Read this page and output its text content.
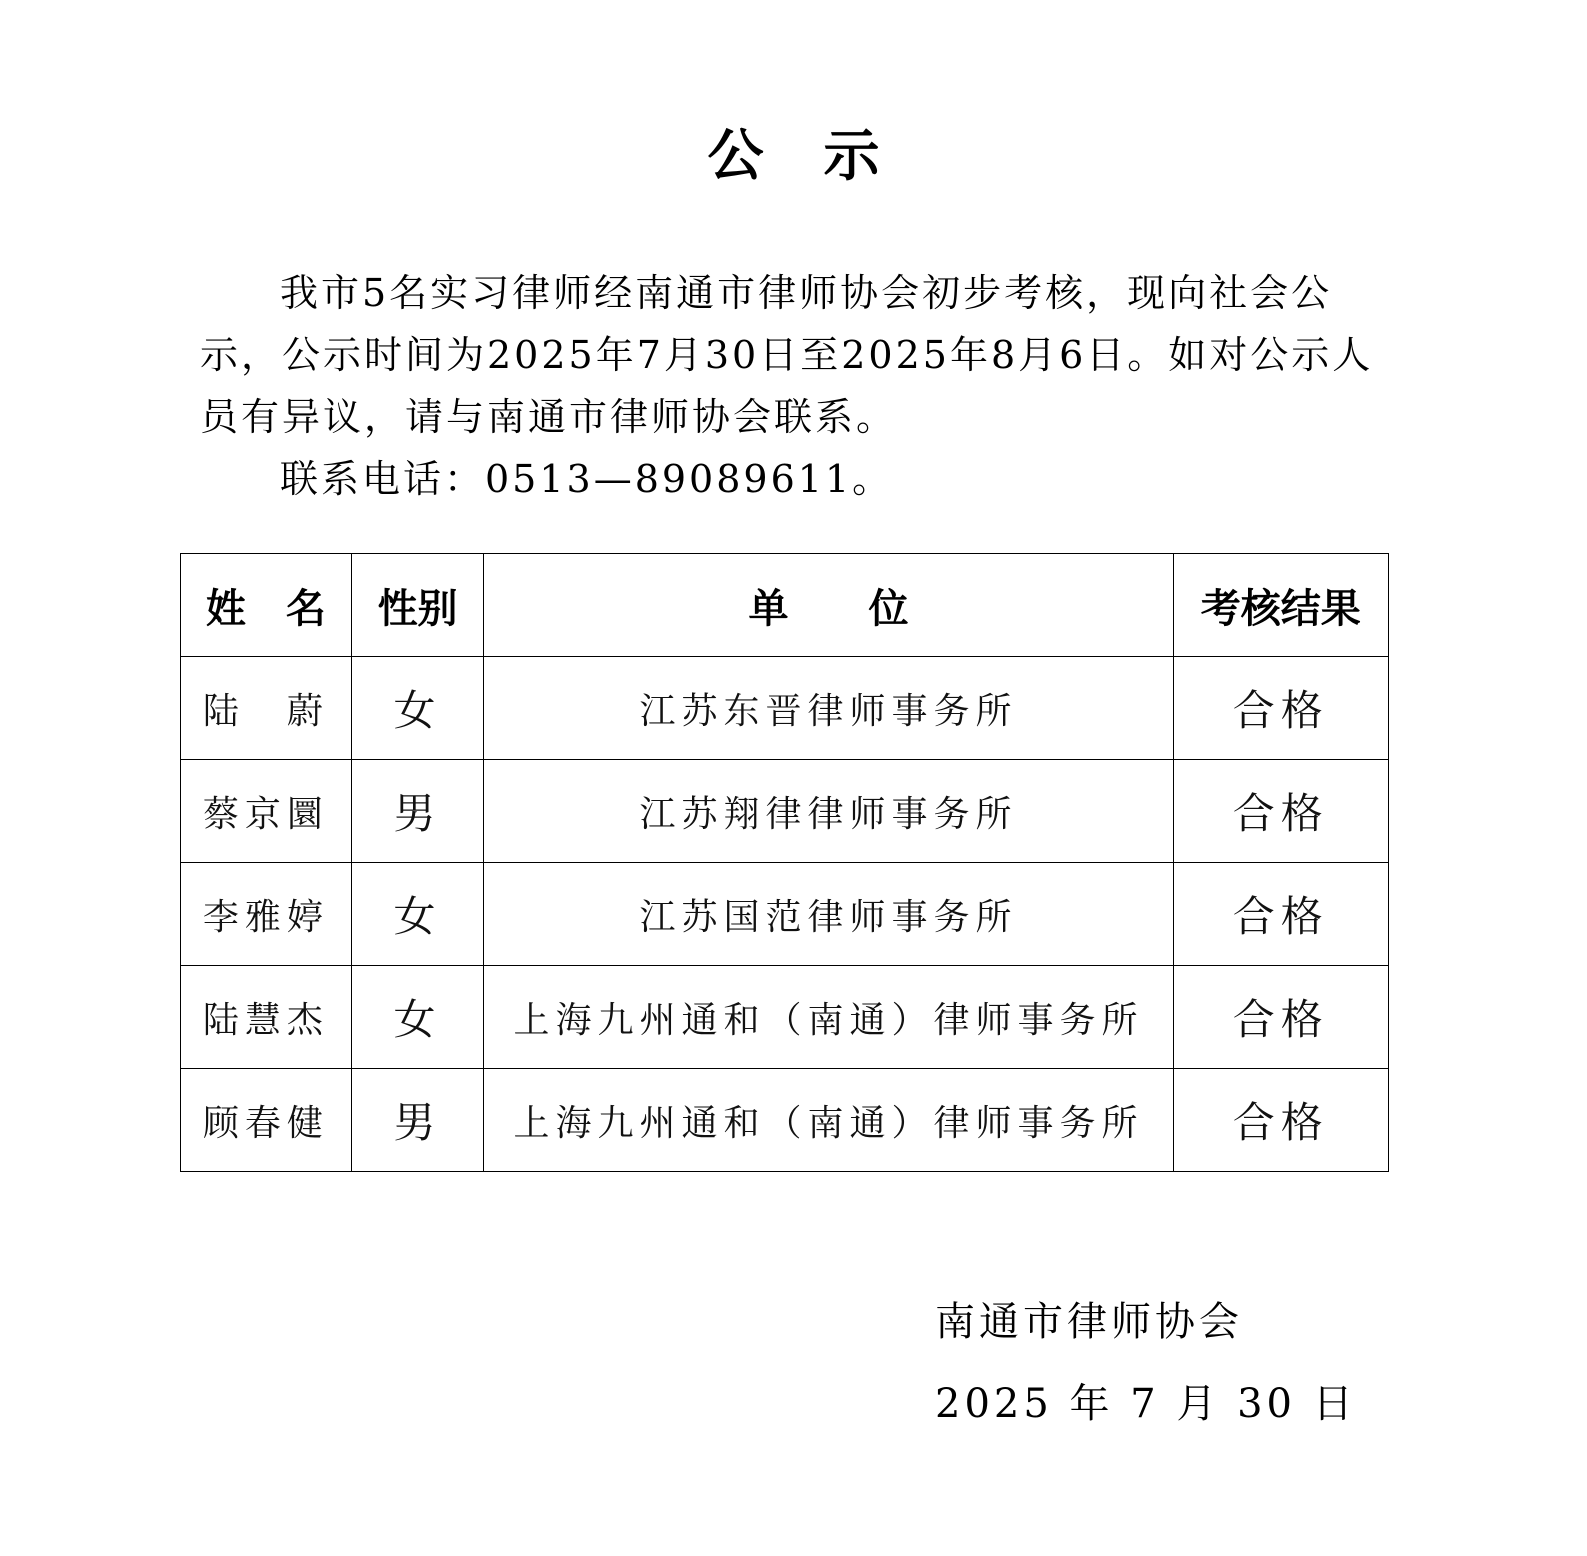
公 示
我市5名实习律师经南通市律师协会初步考核，现向社会公示，公示时间为2025年7月30日至2025年8月6日。如对公示人员有异议，请与南通市律师协会联系。
联系电话：0513—89089611。
姓　名	性别	单　　位	考核结果
陆　蔚	女	江苏东晋律师事务所	合格
蔡京圜	男	江苏翔律律师事务所	合格
李雅婷	女	江苏国范律师事务所	合格
陆慧杰	女	上海九州通和（南通）律师事务所	合格
顾春健	男	上海九州通和（南通）律师事务所	合格
南通市律师协会
2025 年 7 月 30 日
